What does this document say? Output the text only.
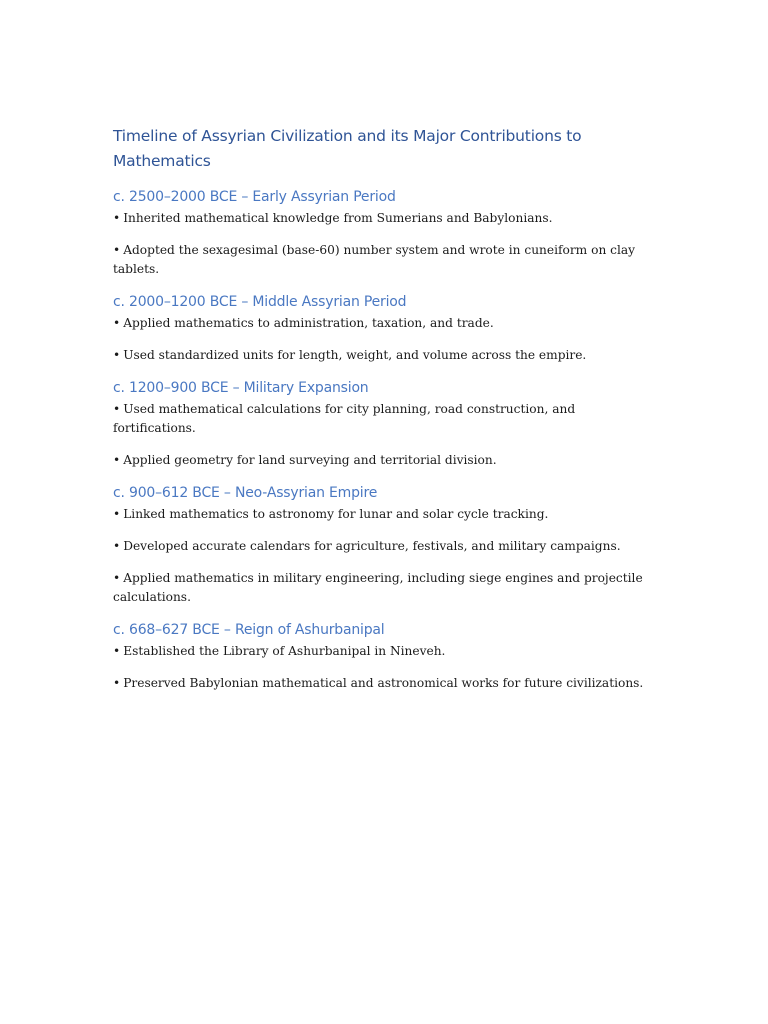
Timeline of Assyrian Civilization and its Major Contributions to Mathematics
c. 2500–2000 BCE – Early Assyrian Period

• Inherited mathematical knowledge from Sumerians and Babylonians.

• Adopted the sexagesimal (base-60) number system and wrote in cuneiform on clay tablets.

c. 2000–1200 BCE – Middle Assyrian Period

• Applied mathematics to administration, taxation, and trade.

• Used standardized units for length, weight, and volume across the empire.

c. 1200–900 BCE – Military Expansion

• Used mathematical calculations for city planning, road construction, and fortifications.

• Applied geometry for land surveying and territorial division.

c. 900–612 BCE – Neo-Assyrian Empire

• Linked mathematics to astronomy for lunar and solar cycle tracking.

• Developed accurate calendars for agriculture, festivals, and military campaigns.

• Applied mathematics in military engineering, including siege engines and projectile calculations.

c. 668–627 BCE – Reign of Ashurbanipal

• Established the Library of Ashurbanipal in Nineveh.

• Preserved Babylonian mathematical and astronomical works for future civilizations.
